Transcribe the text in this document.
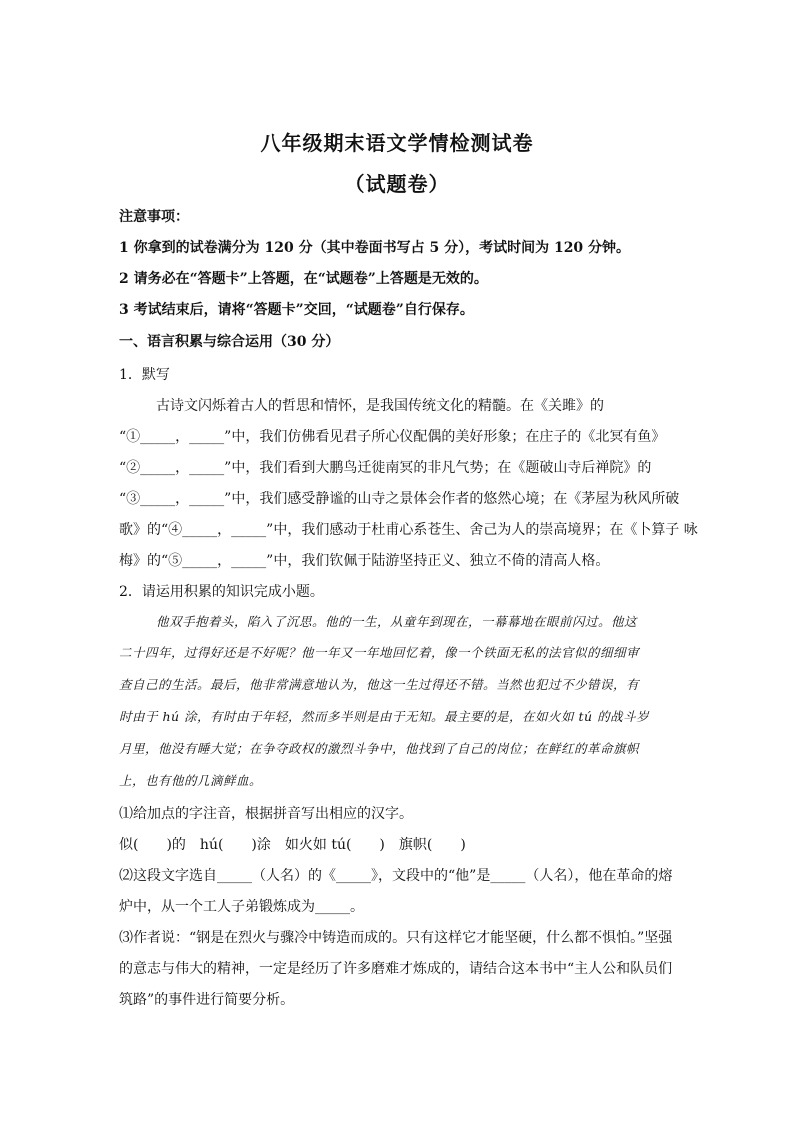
八年级期末语文学情检测试卷
（试题卷）
注意事项：
1 你拿到的试卷满分为 120 分（其中卷面书写占 5 分），考试时间为 120 分钟。
2 请务必在“答题卡”上答题，在“试题卷”上答题是无效的。
3 考试结束后，请将“答题卡”交回，“试题卷”自行保存。
一、语言积累与综合运用（30 分）
1．默写
古诗文闪烁着古人的哲思和情怀，是我国传统文化的精髓。在《关雎》的
“①_____，_____”中，我们仿佛看见君子所心仪配偶的美好形象；在庄子的《北冥有鱼》
“②_____，_____”中，我们看到大鹏鸟迁徙南冥的非凡气势；在《题破山寺后禅院》的
“③_____，_____”中，我们感受静谧的山寺之景体会作者的悠然心境；在《茅屋为秋风所破
歌》的“④_____，_____”中，我们感动于杜甫心系苍生、舍己为人的崇高境界；在《卜算子 咏
梅》的“⑤_____，_____”中，我们钦佩于陆游坚持正义、独立不倚的清高人格。
2．请运用积累的知识完成小题。
他双手抱着头，陷入了沉思。他的一生，从童年到现在，一幕幕地在眼前闪过。他这
二十四年，过得好还是不好呢？他一年又一年地回忆着，像一个铁面无私的法官似的细细审
查自己的生活。最后，他非常满意地认为，他这一生过得还不错。当然也犯过不少错误，有
时由于 hú 涂，有时由于年轻，然而多半则是由于无知。最主要的是，在如火如 tú 的战斗岁
月里，他没有睡大觉；在争夺政权的激烈斗争中，他找到了自己的岗位；在鲜红的革命旗帜
上，也有他的几滴鲜血。
⑴给加点的字注音，根据拼音写出相应的汉字。
似(　　)的　hú(　　)涂　如火如 tú(　　)　旗帜(　　)
⑵这段文字选自_____（人名）的《_____》，文段中的“他”是_____（人名），他在革命的熔
炉中，从一个工人子弟锻炼成为_____。
⑶作者说：“钢是在烈火与骤冷中铸造而成的。只有这样它才能坚硬，什么都不惧怕。”坚强
的意志与伟大的精神，一定是经历了许多磨难才炼成的，请结合这本书中“主人公和队员们
筑路”的事件进行简要分析。
